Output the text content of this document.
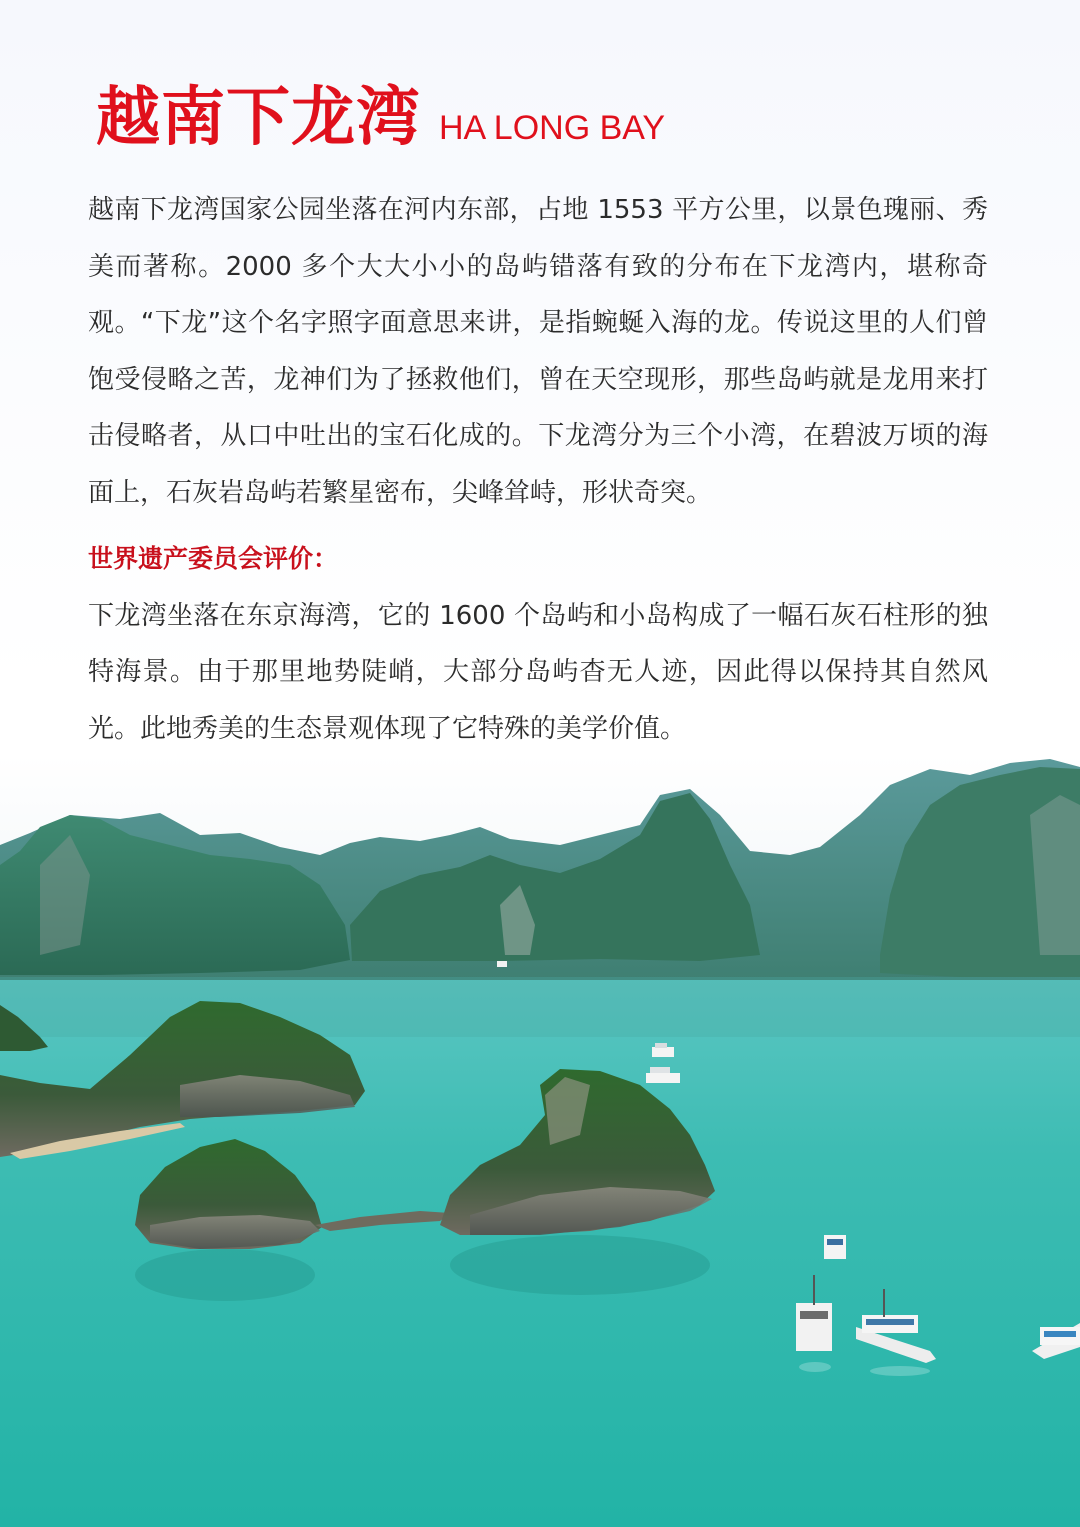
越南下龙湾 HA LONG BAY

越南下龙湾国家公园坐落在河内东部，占地 1553 平方公里，以景色瑰丽、秀美而著称。2000 多个大大小小的岛屿错落有致的分布在下龙湾内，堪称奇观。“下龙”这个名字照字面意思来讲，是指蜿蜒入海的龙。传说这里的人们曾饱受侵略之苦，龙神们为了拯救他们，曾在天空现形，那些岛屿就是龙用来打击侵略者，从口中吐出的宝石化成的。下龙湾分为三个小湾，在碧波万顷的海面上，石灰岩岛屿若繁星密布，尖峰耸峙，形状奇突。

世界遗产委员会评价：

下龙湾坐落在东京海湾，它的 1600 个岛屿和小岛构成了一幅石灰石柱形的独特海景。由于那里地势陡峭，大部分岛屿杳无人迹，因此得以保持其自然风光。此地秀美的生态景观体现了它特殊的美学价值。
